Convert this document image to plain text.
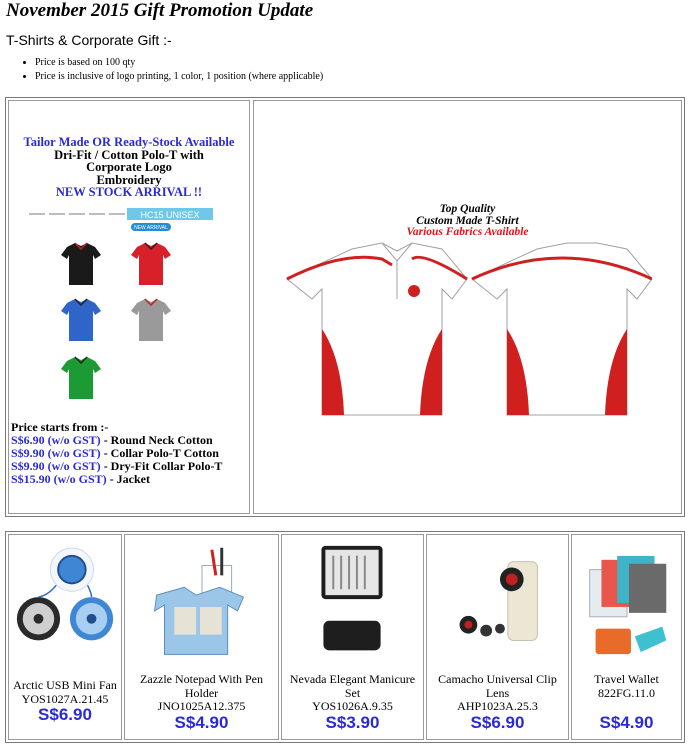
November 2015 Gift Promotion Update
T-Shirts & Corporate Gift :-
• Price is based on 100 qty
• Price is inclusive of logo printing, 1 color, 1 position (where applicable)
Tailor Made OR Ready-Stock Available
Dri-Fit / Cotton Polo-T with
Corporate Logo
Embroidery
NEW STOCK ARRIVAL !!
HC15 UNISEX
NEW ARRIVAL
Price starts from :-
S$6.90 (w/o GST) - Round Neck Cotton
S$9.90 (w/o GST) - Collar Polo-T Cotton
S$9.90 (w/o GST) - Dry-Fit Collar Polo-T
S$15.90 (w/o GST) - Jacket
Top Quality
Custom Made T-Shirt
Various Fabrics Available
Arctic USB Mini Fan
YOS1027A.21.45
S$6.90
Zazzle Notepad With Pen Holder
JNO1025A12.375
S$4.90
Nevada Elegant Manicure Set
YOS1026A.9.35
S$3.90
Camacho Universal Clip Lens
AHP1023A.25.3
S$6.90
Travel Wallet
822FG.11.0
S$4.90
